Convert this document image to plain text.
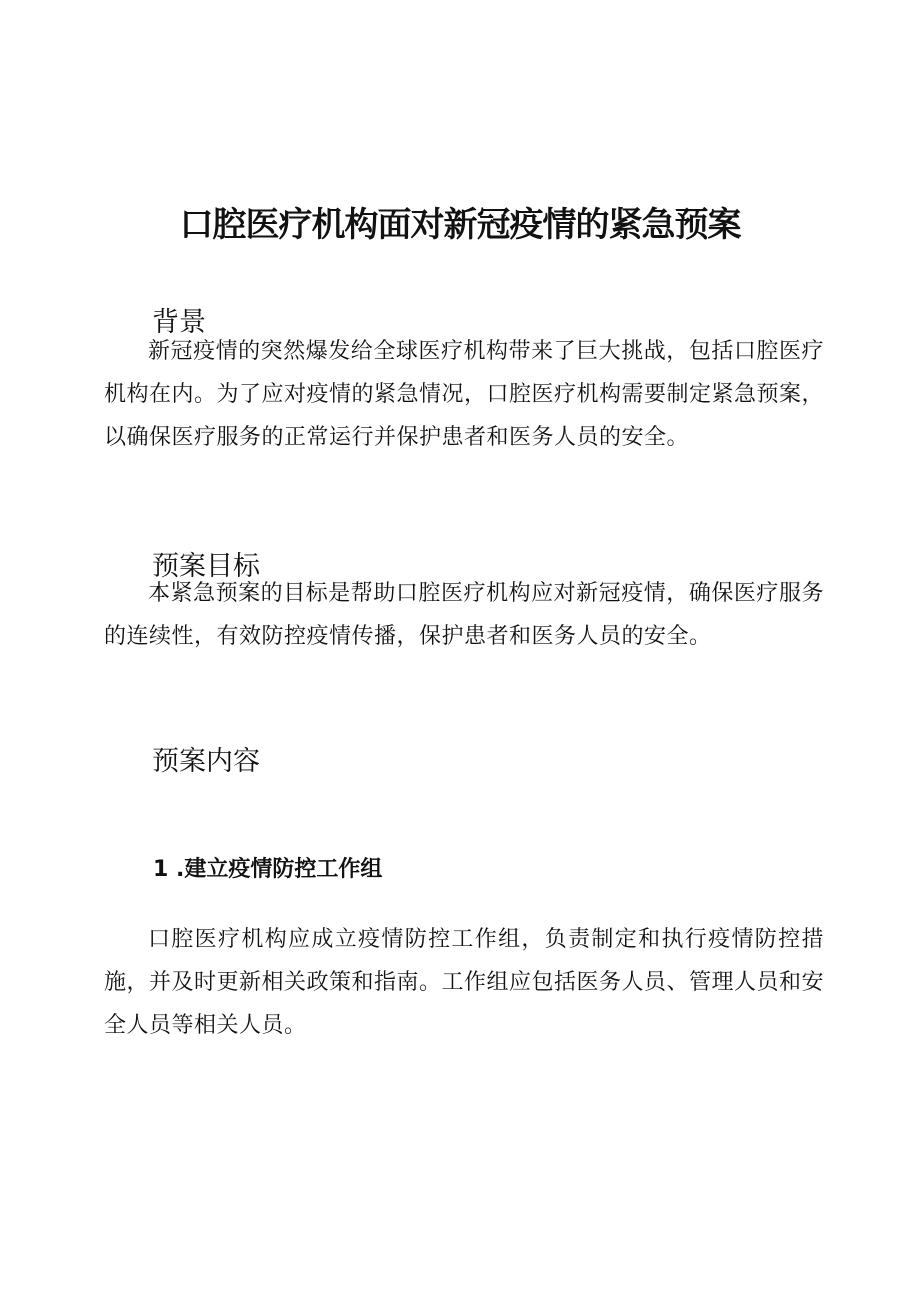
口腔医疗机构面对新冠疫情的紧急预案
背景

新冠疫情的突然爆发给全球医疗机构带来了巨大挑战，包括口腔医疗机构在内。为了应对疫情的紧急情况，口腔医疗机构需要制定紧急预案，以确保医疗服务的正常运行并保护患者和医务人员的安全。

预案目标

本紧急预案的目标是帮助口腔医疗机构应对新冠疫情，确保医疗服务的连续性，有效防控疫情传播，保护患者和医务人员的安全。

预案内容
1 .建立疫情防控工作组

口腔医疗机构应成立疫情防控工作组，负责制定和执行疫情防控措施，并及时更新相关政策和指南。工作组应包括医务人员、管理人员和安全人员等相关人员。
